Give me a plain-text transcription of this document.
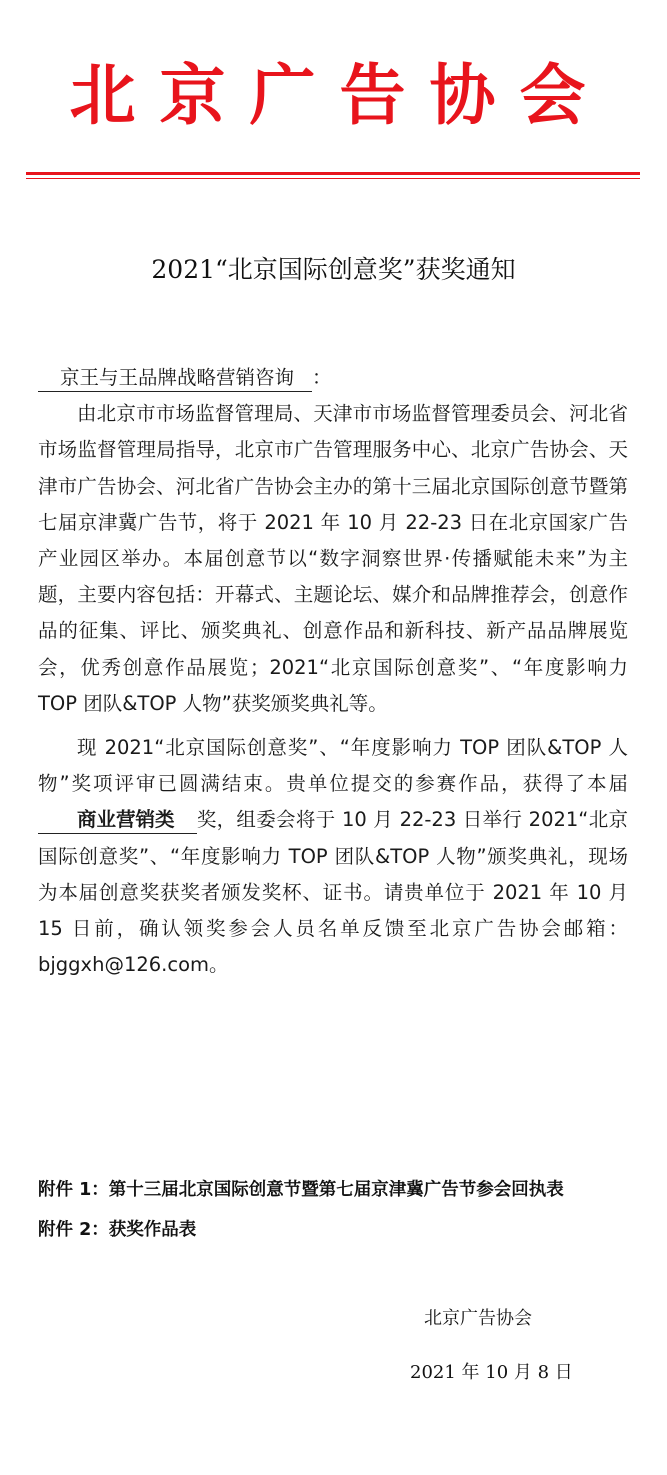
北京广告协会
2021“北京国际创意奖”获奖通知

京王与王品牌战略营销咨询 ：

由北京市市场监督管理局、天津市市场监督管理委员会、河北省市场监督管理局指导，北京市广告管理服务中心、北京广告协会、天津市广告协会、河北省广告协会主办的第十三届北京国际创意节暨第七届京津冀广告节，将于 2021 年 10 月 22-23 日在北京国家广告产业园区举办。本届创意节以“数字洞察世界·传播赋能未来”为主题，主要内容包括：开幕式、主题论坛、媒介和品牌推荐会，创意作品的征集、评比、颁奖典礼、创意作品和新科技、新产品品牌展览会，优秀创意作品展览；2021“北京国际创意奖”、“年度影响力 TOP 团队&TOP 人物”获奖颁奖典礼等。

现 2021“北京国际创意奖”、“年度影响力 TOP 团队&TOP 人物”奖项评审已圆满结束。贵单位提交的参赛作品，获得了本届商业营销类 奖，组委会将于 10 月 22-23 日举行 2021“北京国际创意奖”、“年度影响力 TOP 团队&TOP 人物”颁奖典礼，现场为本届创意奖获奖者颁发奖杯、证书。请贵单位于 2021 年 10 月 15 日前，确认领奖参会人员名单反馈至北京广告协会邮箱：bjggxh@126.com。

附件 1：第十三届北京国际创意节暨第七届京津冀广告节参会回执表
附件 2：获奖作品表
北京广告协会
2021 年 10 月 8 日
